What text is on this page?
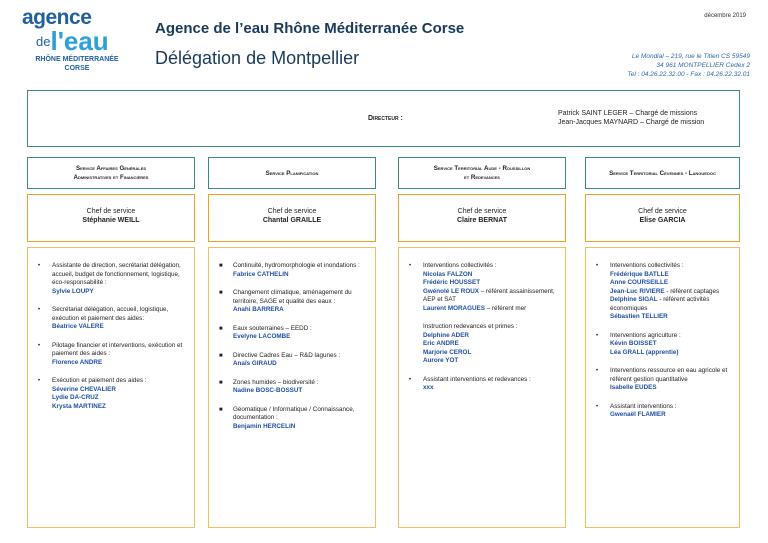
agence
del'eau
RHÔNE MÉDITERRANÉE
CORSE
Agence de l’eau Rhône Méditerranée Corse
Délégation de Montpellier
décembre 2019
Le Mondial – 219, rue le Titien CS 59549
34 961 MONTPELLIER Cedex 2
Tel : 04.26.22.32.00 - Fax : 04.26.22.32.01
Directeur :
Patrick SAINT LEGER – Chargé de missions
Jean-Jacques MAYNARD – Chargé de mission
Service Affaires Générales
Administratives et Financières
Service Planification
Service Territorial Aude - Roussillon
et Redevances
Service Territorial Cévennes - Languedoc
Chef de service
Stéphanie WEILL
Chef de service
Chantal GRAILLE
Chef de service
Claire BERNAT
Chef de service
Elise GARCIA
• Assistante de direction, secrétariat délégation, accueil, budget de fonctionnement, logistique, éco-responsabilité :
Sylvie LOUPY
• Secrétariat délégation, accueil, logistique, exécution et paiement des aides:
Béatrice VALERE
• Pilotage financier et interventions, exécution et paiement des aides :
Florence ANDRE
• Exécution et paiement des aides :
Séverine CHEVALIER
Lydie DA-CRUZ
Krysta MARTINEZ
■ Continuité, hydromorphologie et inondations :
Fabrice CATHELIN
■ Changement climatique, aménagement du territoire, SAGE et qualité des eaux :
Anahi BARRERA
■ Eaux souterraines – EEDD :
Evelyne LACOMBE
■ Directive Cadres Eau – R&D lagunes :
Anaïs GIRAUD
■ Zones humides – biodiversité :
Nadine BOSC-BOSSUT
■ Géomatique / Informatique / Connaissance, documentation :
Benjamin HERCELIN
• Interventions collectivités :
Nicolas FALZON
Frédéric HOUSSET
Gwénolé LE ROUX – référent assainissement, AEP et SAT
Laurent MORAGUES – référent mer
Instruction redevances et primes :
Delphine ADER
Eric ANDRE
Marjorie CEROL
Aurore YOT
• Assistant interventions et redevances :
xxx
• Interventions collectivités :
Frédérique BATLLE
Anne COURSEILLE
Jean-Luc RIVIERE - référent captages
Delphine SIGAL - référent activités économiques
Sébastien TELLIER
• Interventions agriculture :
Kévin BOISSET
Léa GRALL (apprentie)
• Interventions ressource en eau agricole et référent gestion quantitative
Isabelle EUDES
• Assistant interventions :
Gwenaël FLAMIER
